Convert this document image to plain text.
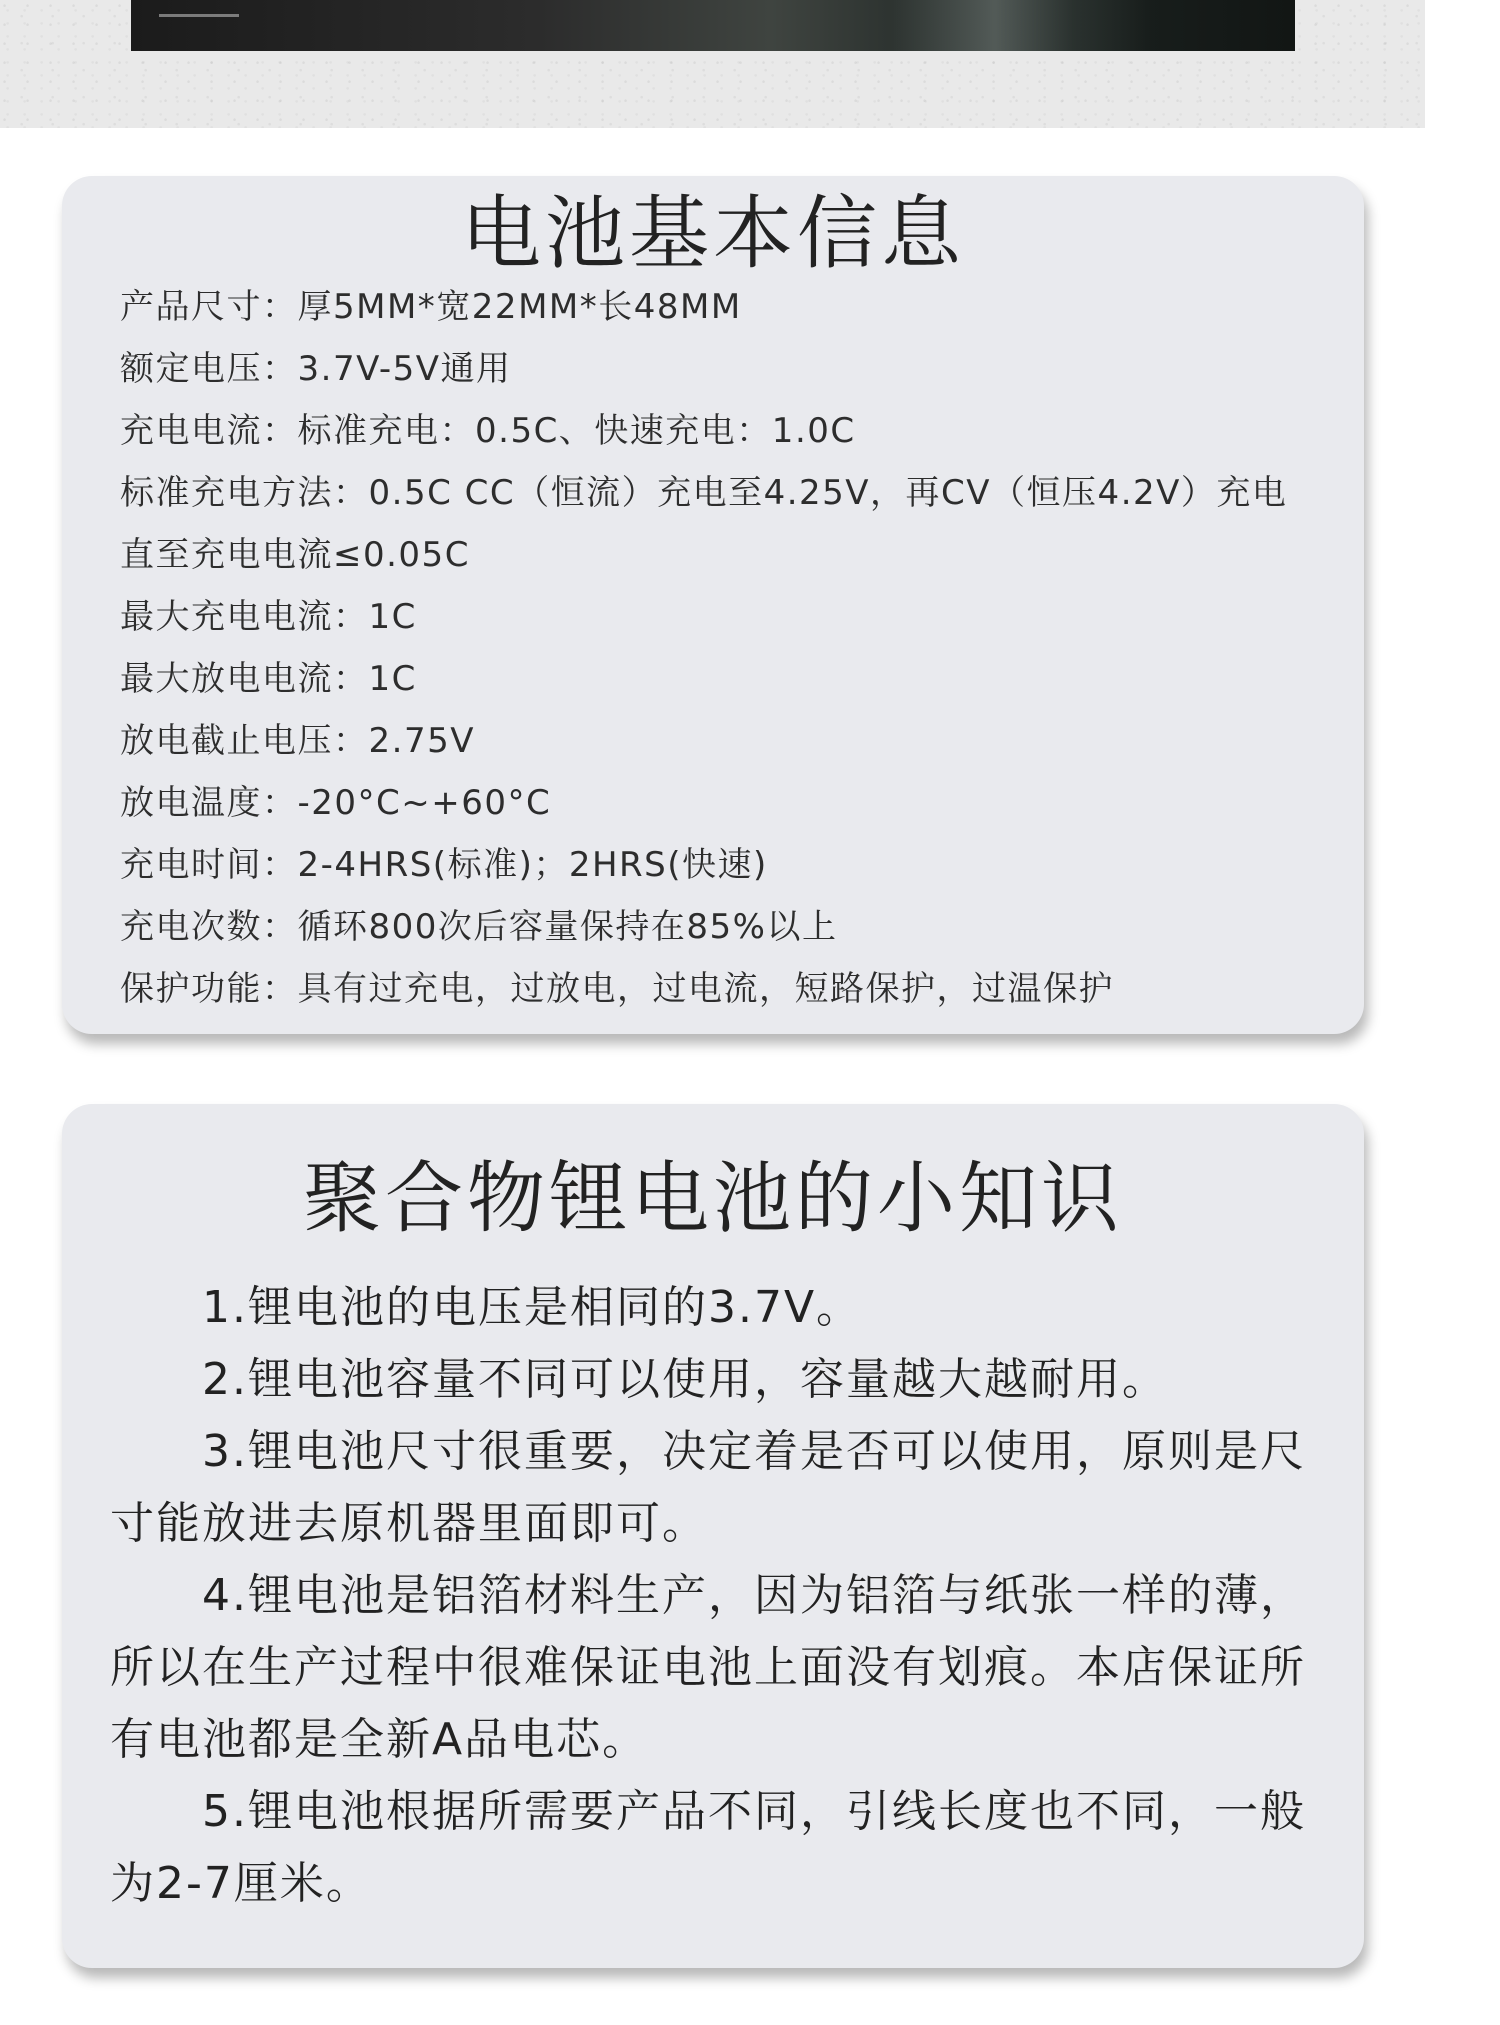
电池基本信息
产品尺寸：厚5MM*宽22MM*长48MM
额定电压：3.7V-5V通用
充电电流：标准充电：0.5C、快速充电：1.0C
标准充电方法：0.5C CC（恒流）充电至4.25V，再CV（恒压4.2V）充电直至充电电流≤0.05C
最大充电电流：1C
最大放电电流：1C
放电截止电压：2.75V
放电温度：-20°C~+60°C
充电时间：2-4HRS(标准)；2HRS(快速)
充电次数：循环800次后容量保持在85%以上
保护功能：具有过充电，过放电，过电流，短路保护，过温保护
聚合物锂电池的小知识

1.锂电池的电压是相同的3.7V。

2.锂电池容量不同可以使用，容量越大越耐用。

3.锂电池尺寸很重要，决定着是否可以使用，原则是尺寸能放进去原机器里面即可。

4.锂电池是铝箔材料生产，因为铝箔与纸张一样的薄，所以在生产过程中很难保证电池上面没有划痕。本店保证所有电池都是全新A品电芯。

5.锂电池根据所需要产品不同，引线长度也不同，一般为2-7厘米。
